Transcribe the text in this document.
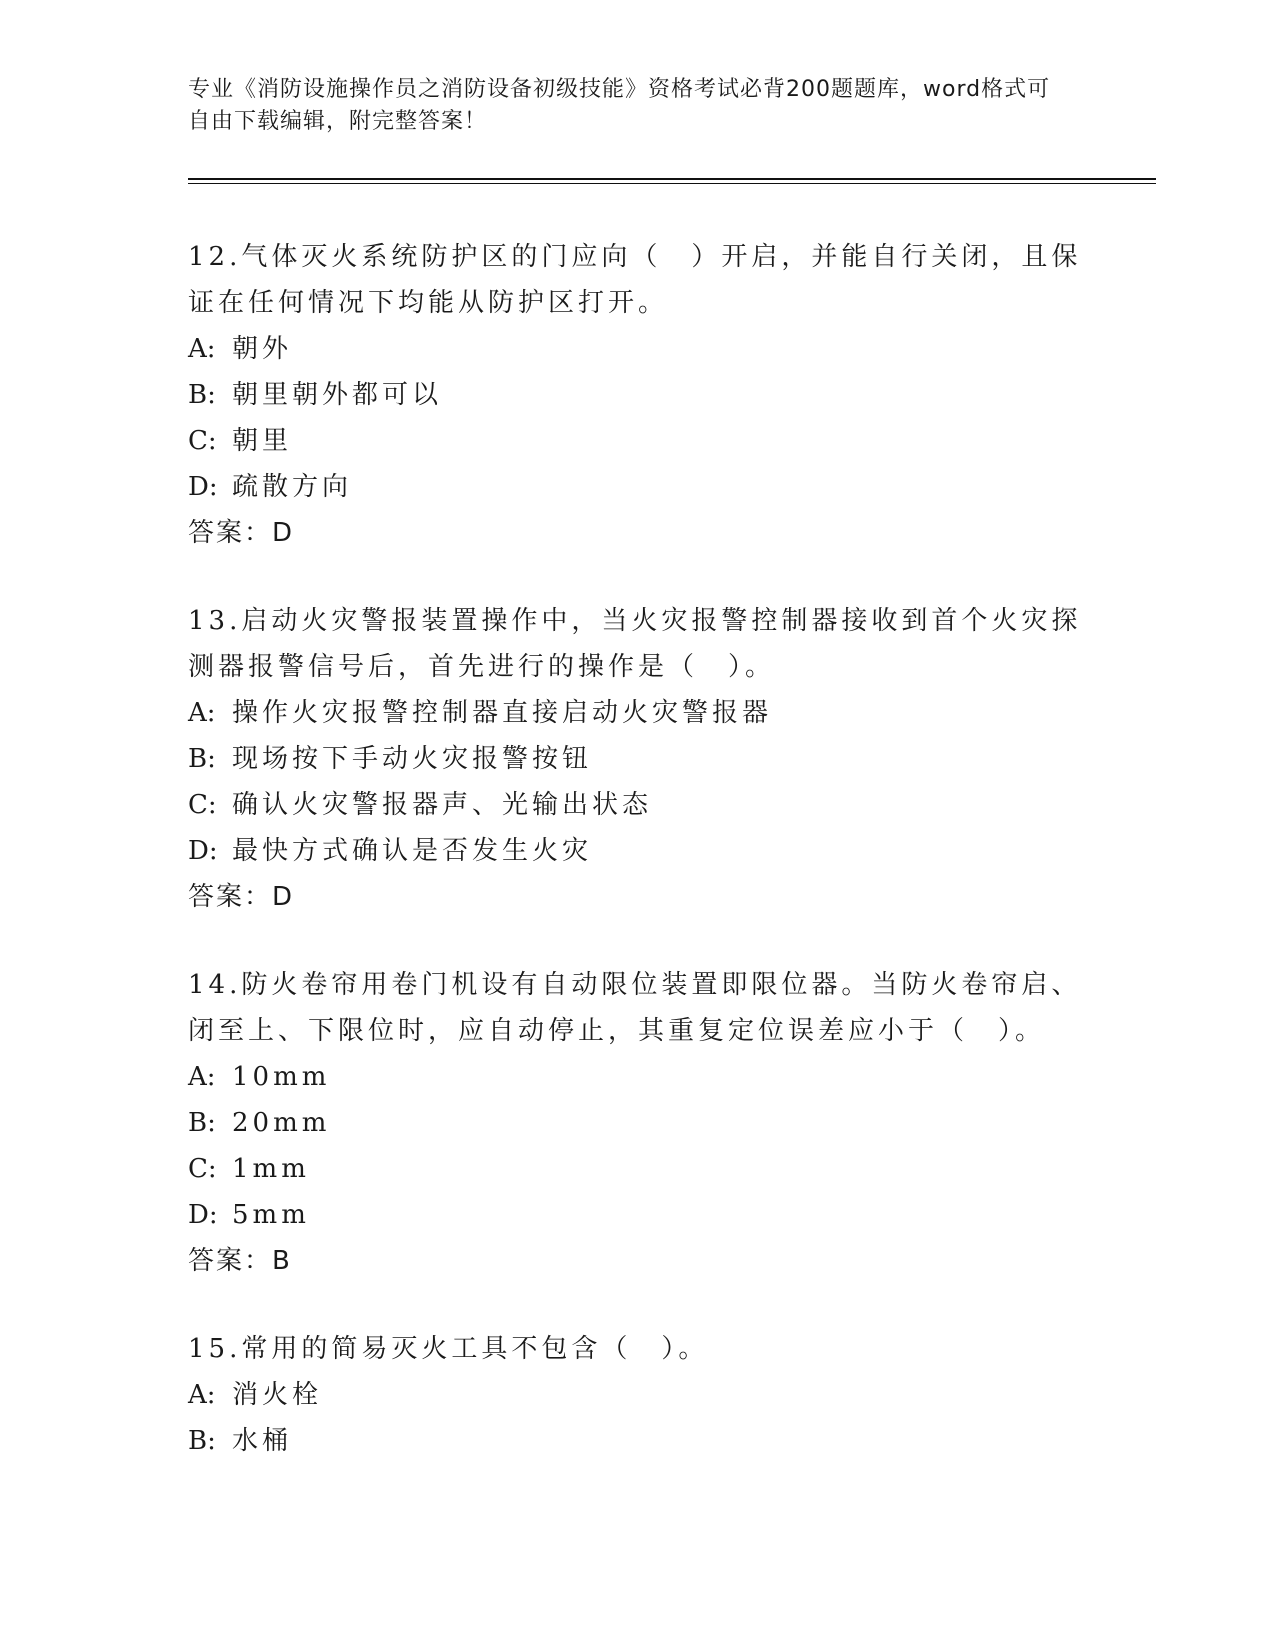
专业《消防设施操作员之消防设备初级技能》资格考试必背200题题库，word格式可自由下载编辑，附完整答案！

12.气体灭火系统防护区的门应向（　）开启，并能自行关闭，且保证在任何情况下均能从防护区打开。

A: 朝外

B: 朝里朝外都可以

C: 朝里

D: 疏散方向

答案：D

13.启动火灾警报装置操作中，当火灾报警控制器接收到首个火灾探测器报警信号后，首先进行的操作是（　）。

A: 操作火灾报警控制器直接启动火灾警报器

B: 现场按下手动火灾报警按钮

C: 确认火灾警报器声、光输出状态

D: 最快方式确认是否发生火灾

答案：D

14.防火卷帘用卷门机设有自动限位装置即限位器。当防火卷帘启、闭至上、下限位时，应自动停止，其重复定位误差应小于（　）。

A: 10mm

B: 20mm

C: 1mm

D: 5mm

答案：B

15.常用的简易灭火工具不包含（　）。

A: 消火栓

B: 水桶
